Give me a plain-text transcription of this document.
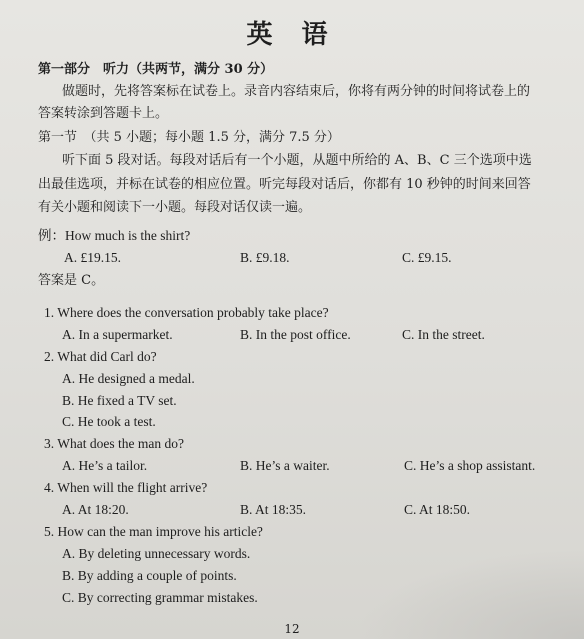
英 语
第一部分　听力（共两节，满分 30 分）
做题时，先将答案标在试卷上。录音内容结束后，你将有两分钟的时间将试卷上的
答案转涂到答题卡上。
第一节　（共 5 小题；每小题 1.5 分，满分 7.5 分）
听下面 5 段对话。每段对话后有一个小题，从题中所给的 A、B、C 三个选项中选
出最佳选项，并标在试卷的相应位置。听完每段对话后，你都有 10 秒钟的时间来回答
有关小题和阅读下一小题。每段对话仅读一遍。
例：How much is the shirt?
A. £19.15.	B. £9.18.	C. £9.15.
答案是 C。
1. Where does the conversation probably take place?
A. In a supermarket.	B. In the post office.	C. In the street.
2. What did Carl do?
A. He designed a medal.
B. He fixed a TV set.
C. He took a test.
3. What does the man do?
A. He’s a tailor.	B. He’s a waiter.	C. He’s a shop assistant.
4. When will the flight arrive?
A. At 18:20.	B. At 18:35.	C. At 18:50.
5. How can the man improve his article?
A. By deleting unnecessary words.
B. By adding a couple of points.
C. By correcting grammar mistakes.
12
